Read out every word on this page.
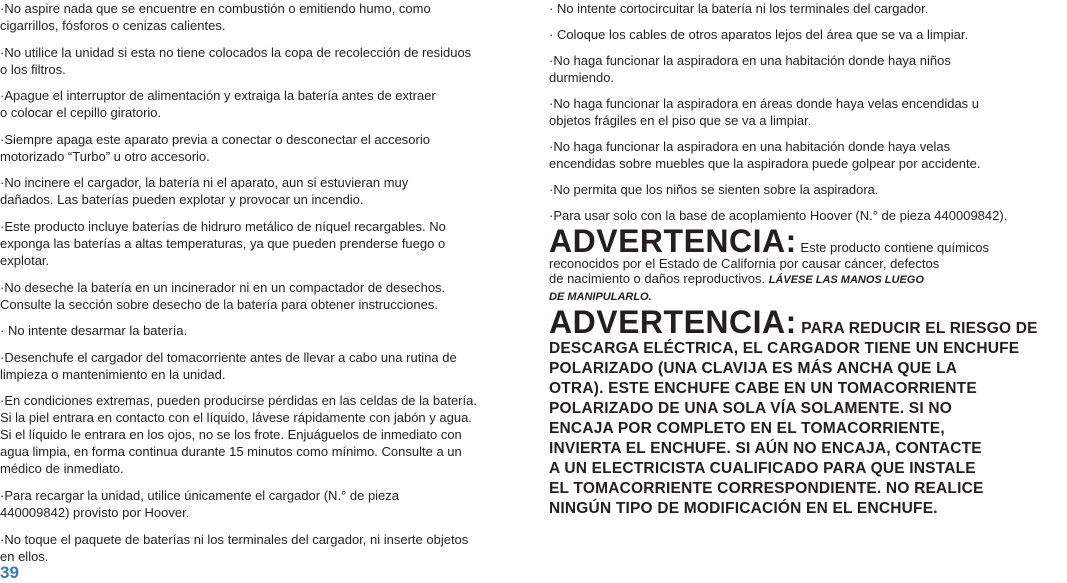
·No aspire nada que se encuentre en combustión o emitiendo humo, como
cigarrillos, fósforos o cenizas calientes.

·No utilice la unidad si esta no tiene colocados la copa de recolección de residuos
o los filtros.

·Apague el interruptor de alimentación y extraiga la batería antes de extraer
o colocar el cepillo giratorio.

·Siempre apaga este aparato previa a conectar o desconectar el accesorio
motorizado “Turbo” u otro accesorio.

·No incinere el cargador, la batería ni el aparato, aun si estuvieran muy
dañados. Las baterías pueden explotar y provocar un incendio.

·Este producto incluye baterías de hidruro metálico de níquel recargables. No
exponga las baterías a altas temperaturas, ya que pueden prenderse fuego o
explotar.

·No deseche la batería en un incinerador ni en un compactador de desechos.
Consulte la sección sobre desecho de la batería para obtener instrucciones.

· No intente desarmar la batería.

·Desenchufe el cargador del tomacorriente antes de llevar a cabo una rutina de
limpieza o mantenimiento en la unidad.

·En condiciones extremas, pueden producirse pérdidas en las celdas de la batería.
Si la piel entrara en contacto con el líquido, lávese rápidamente con jabón y agua.
Si el líquido le entrara en los ojos, no se los frote. Enjuáguelos de inmediato con
agua limpia, en forma continua durante 15 minutos como mínimo. Consulte a un
médico de inmediato.

·Para recargar la unidad, utilice únicamente el cargador (N.° de pieza
440009842) provisto por Hoover.

·No toque el paquete de baterías ni los terminales del cargador, ni inserte objetos
en ellos.

· No intente cortocircuitar la batería ni los terminales del cargador.

· Coloque los cables de otros aparatos lejos del área que se va a limpiar.

·No haga funcionar la aspiradora en una habitación donde haya niños
durmiendo.

·No haga funcionar la aspiradora en áreas donde haya velas encendidas u
objetos frágiles en el piso que se va a limpiar.

·No haga funcionar la aspiradora en una habitación donde haya velas
encendidas sobre muebles que la aspiradora puede golpear por accidente.

·No permita que los niños se sienten sobre la aspiradora.

·Para usar solo con la base de acoplamiento Hoover (N.° de pieza 440009842).

ADVERTENCIA: Este producto contiene químicos
reconocidos por el Estado de California por causar cáncer, defectos
de nacimiento o daños reproductivos. LÁVESE LAS MANOS LUEGO
DE MANIPULARLO.
ADVERTENCIA: PARA REDUCIR EL RIESGO DE
DESCARGA ELÉCTRICA, EL CARGADOR TIENE UN ENCHUFE
POLARIZADO (UNA CLAVIJA ES MÁS ANCHA QUE LA
OTRA). ESTE ENCHUFE CABE EN UN TOMACORRIENTE
POLARIZADO DE UNA SOLA VÍA SOLAMENTE. SI NO
ENCAJA POR COMPLETO EN EL TOMACORRIENTE,
INVIERTA EL ENCHUFE. SI AÚN NO ENCAJA, CONTACTE
A UN ELECTRICISTA CUALIFICADO PARA QUE INSTALE
EL TOMACORRIENTE CORRESPONDIENTE. NO REALICE
NINGÚN TIPO DE MODIFICACIÓN EN EL ENCHUFE.
39
